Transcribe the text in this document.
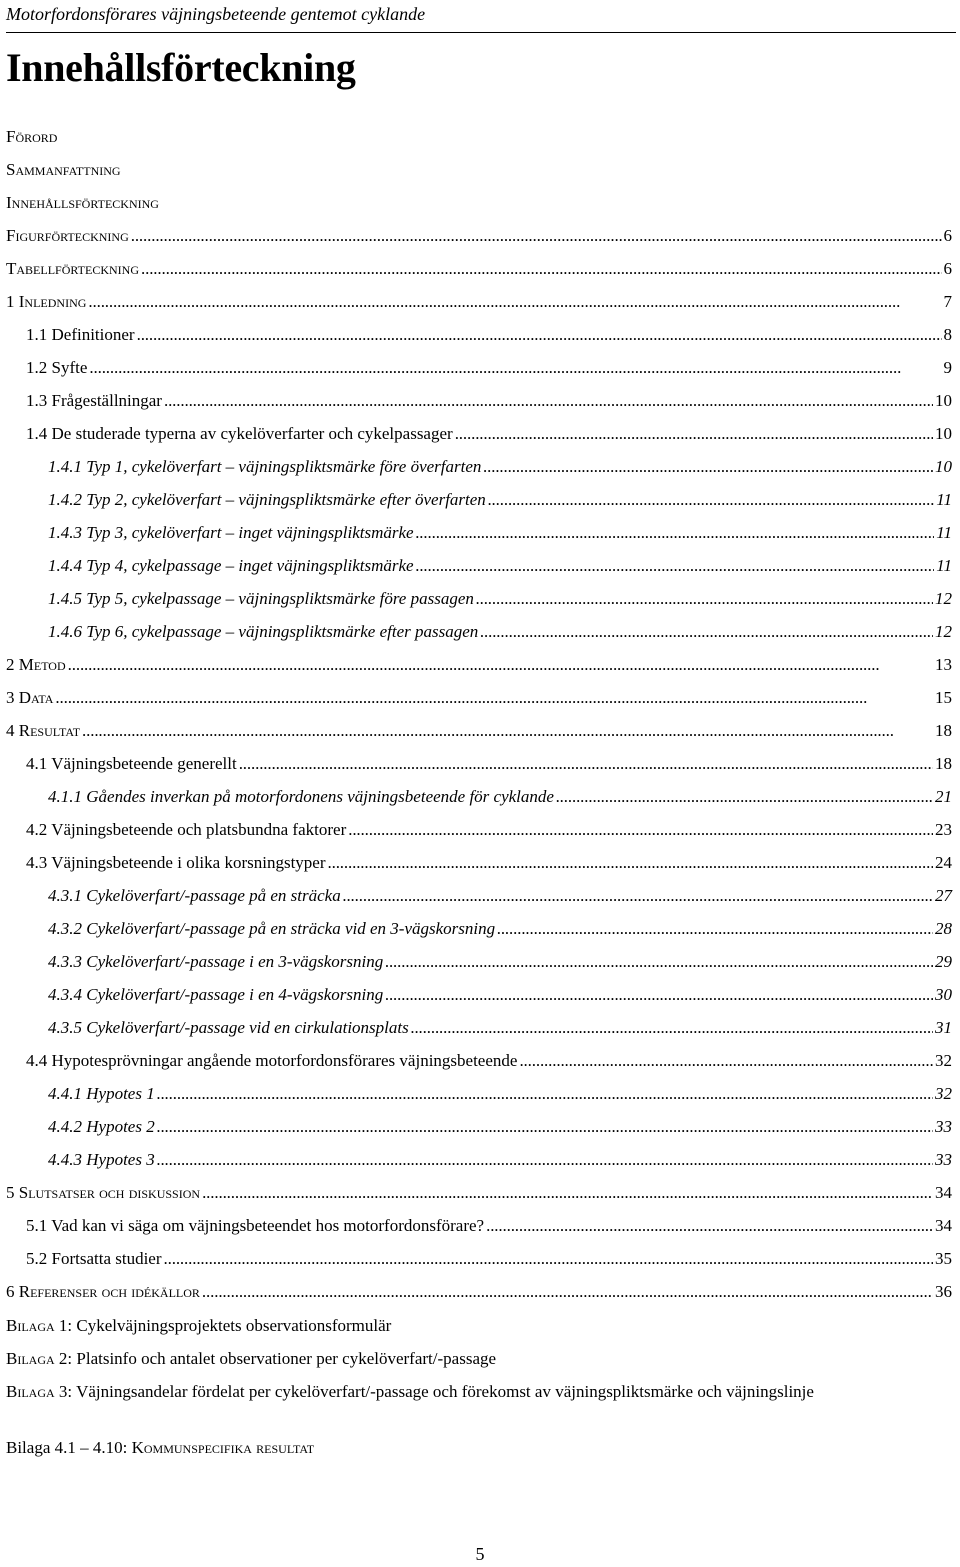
Motorfordonsförares väjningsbeteende gentemot cyklande
Innehållsförteckning
Förord
Sammanfattning
Innehållsförteckning
Figurförteckning . . .	6
Tabellförteckning . . .	6
1 Inledning . . .	7
1.1 Definitioner . . .	8
1.2 Syfte . . .	9
1.3 Frågeställningar . . .	10
1.4 De studerade typerna av cykelöverfarter och cykelpassager . . .	10
1.4.1 Typ 1, cykelöverfart – väjningspliktsmärke före överfarten . . .	10
1.4.2 Typ 2, cykelöverfart – väjningspliktsmärke efter överfarten . . .	11
1.4.3 Typ 3, cykelöverfart – inget väjningspliktsmärke . . .	11
1.4.4 Typ 4, cykelpassage – inget väjningspliktsmärke . . .	11
1.4.5 Typ 5, cykelpassage – väjningspliktsmärke före passagen . . .	12
1.4.6 Typ 6, cykelpassage – väjningspliktsmärke efter passagen . . .	12
2 Metod . . .	13
3 Data . . .	15
4 Resultat . . .	18
4.1 Väjningsbeteende generellt . . .	18
4.1.1 Gåendes inverkan på motorfordonens väjningsbeteende för cyklande . . .	21
4.2 Väjningsbeteende och platsbundna faktorer . . .	23
4.3 Väjningsbeteende i olika korsningstyper . . .	24
4.3.1 Cykelöverfart/-passage på en sträcka . . .	27
4.3.2 Cykelöverfart/-passage på en sträcka vid en 3-vägskorsning . . .	28
4.3.3 Cykelöverfart/-passage i en 3-vägskorsning . . .	29
4.3.4 Cykelöverfart/-passage i en 4-vägskorsning . . .	30
4.3.5 Cykelöverfart/-passage vid en cirkulationsplats . . .	31
4.4 Hypotesprövningar angående motorfordonsförares väjningsbeteende . . .	32
4.4.1 Hypotes 1 . . .	32
4.4.2 Hypotes 2 . . .	33
4.4.3 Hypotes 3 . . .	33
5 Slutsatser och diskussion . . .	34
5.1 Vad kan vi säga om väjningsbeteendet hos motorfordonsförare? . . .	34
5.2 Fortsatta studier . . .	35
6 Referenser och idékällor . . .	36
Bilaga 1: Cykelväjningsprojektets observationsformulär
Bilaga 2: Platsinfo och antalet observationer per cykelöverfart/-passage
Bilaga 3: Väjningsandelar fördelat per cykelöverfart/-passage och förekomst av väjningspliktsmärke och väjningslinje
Bilaga 4.1 – 4.10: Kommunspecifika resultat
5
